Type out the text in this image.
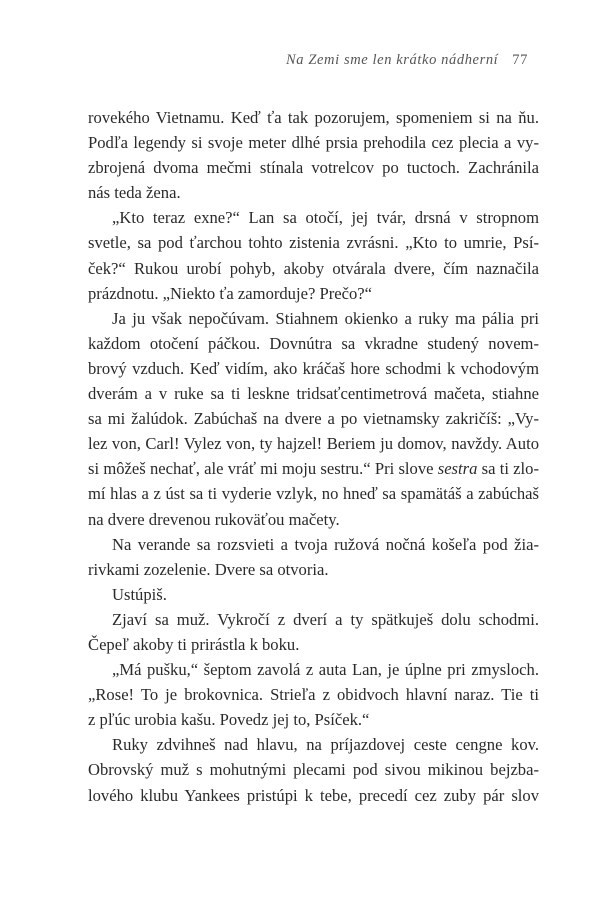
Na Zemi sme len krátko nádherní 77
rovekého Vietnamu. Keď ťa tak pozorujem, spomeniem si na ňu.
Podľa legendy si svoje meter dlhé prsia prehodila cez plecia a vy-
zbrojená dvoma mečmi stínala votrelcov po tuctoch. Zachránila
nás teda žena.
„Kto teraz exne?“ Lan sa otočí, jej tvár, drsná v stropnom
svetle, sa pod ťarchou tohto zistenia zvrásni. „Kto to umrie, Psí-
ček?“ Rukou urobí pohyb, akoby otvárala dvere, čím naznačila
prázdnotu. „Niekto ťa zamorduje? Prečo?“
Ja ju však nepočúvam. Stiahnem okienko a ruky ma pália pri
každom otočení páčkou. Dovnútra sa vkradne studený novem-
brový vzduch. Keď vidím, ako kráčaš hore schodmi k vchodovým
dverám a v ruke sa ti leskne tridsaťcentimetrová mačeta, stiahne
sa mi žalúdok. Zabúchaš na dvere a po vietnamsky zakričíš: „Vy-
lez von, Carl! Vylez von, ty hajzel! Beriem ju domov, navždy. Auto
si môžeš nechať, ale vráť mi moju sestru.“ Pri slove sestra sa ti zlo-
mí hlas a z úst sa ti vyderie vzlyk, no hneď sa spamätáš a zabúchaš
na dvere drevenou rukoväťou mačety.
Na verande sa rozsvieti a tvoja ružová nočná košeľa pod žia-
rivkami zozelenie. Dvere sa otvoria.
Ustúpiš.
Zjaví sa muž. Vykročí z dverí a ty spätkuješ dolu schodmi.
Čepeľ akoby ti prirástla k boku.
„Má pušku,“ šeptom zavolá z auta Lan, je úplne pri zmysloch.
„Rose! To je brokovnica. Strieľa z obidvoch hlavní naraz. Tie ti
z pľúc urobia kašu. Povedz jej to, Psíček.“
Ruky zdvihneš nad hlavu, na príjazdovej ceste cengne kov.
Obrovský muž s mohutnými plecami pod sivou mikinou bejzba-
lového klubu Yankees pristúpi k tebe, precedí cez zuby pár slov
